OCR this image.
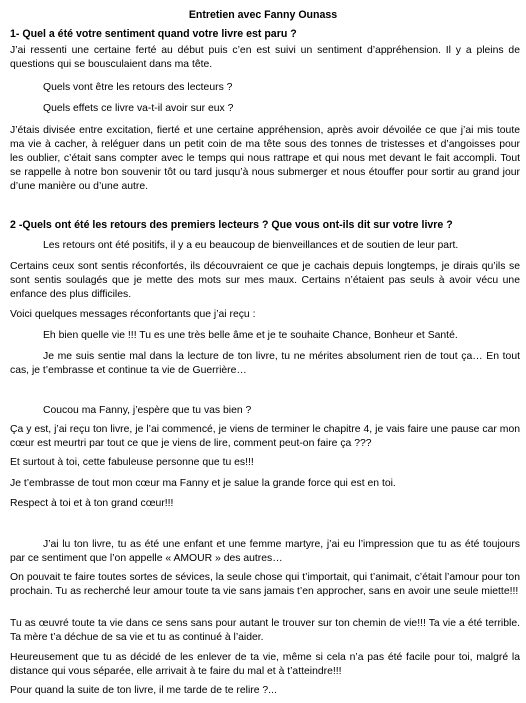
Entretien avec Fanny Ounass
1- Quel a été votre sentiment quand votre livre est paru ?
J’ai ressenti une certaine ferté au début puis c’en est suivi un sentiment d’appréhension. Il y a pleins de questions qui se bousculaient dans ma tête.
Quels vont être les retours des lecteurs ?
Quels effets ce livre va-t-il avoir sur eux ?
J’étais divisée entre excitation, fierté et une certaine appréhension, après avoir dévoilée ce que j’ai mis toute ma vie à cacher, à reléguer dans un petit coin de ma tête sous des tonnes de tristesses et d’angoisses pour les oublier, c’était sans compter avec le temps qui nous rattrape et qui nous met devant le fait accompli. Tout se rappelle à notre bon souvenir tôt ou tard jusqu’à nous submerger et nous étouffer pour sortir au grand jour d’une manière ou d’une autre.
2 -Quels ont été les retours des premiers lecteurs ? Que vous ont-ils dit sur votre livre ?
Les retours ont été positifs, il y a eu beaucoup de bienveillances et de soutien de leur part.
Certains ceux sont sentis réconfortés, ils découvraient ce que je cachais depuis longtemps, je dirais qu’ils se sont sentis soulagés que je mette des mots sur mes maux. Certains n’étaient pas seuls à avoir vécu une enfance des plus difficiles.
Voici quelques messages réconfortants que j’ai reçu :
Eh bien quelle vie !!! Tu es une très belle âme et je te souhaite Chance, Bonheur et Santé.
Je me suis sentie mal dans la lecture de ton livre, tu ne mérites absolument rien de tout ça… En tout cas, je t’embrasse et continue ta vie de Guerrière…
Coucou ma Fanny, j’espère que tu vas bien ?
Ça y est, j’ai reçu ton livre, je l’ai commencé, je viens de terminer le chapitre 4, je vais faire une pause car mon cœur est meurtri par tout ce que je viens de lire, comment peut-on faire ça ???
Et surtout à toi, cette fabuleuse personne que tu es!!!
Je t’embrasse de tout mon cœur ma Fanny et je salue la grande force qui est en toi.
Respect à toi et à ton grand cœur!!!
J’ai lu ton livre, tu as été une enfant et une femme martyre, j’ai eu l’impression que tu as été toujours par ce sentiment que l’on appelle « AMOUR » des autres…
On pouvait te faire toutes sortes de sévices, la seule chose qui t’importait, qui t’animait, c’était l’amour pour ton prochain. Tu as recherché leur amour toute ta vie sans jamais t’en approcher, sans en avoir une seule miette!!!
Tu as œuvré toute ta vie dans ce sens sans pour autant le trouver sur ton chemin de vie!!! Ta vie a été terrible. Ta mère t’a déchue de sa vie et tu as continué à l’aider.
Heureusement que tu as décidé de les enlever de ta vie, même si cela n’a pas été facile pour toi, malgré la distance qui vous séparée, elle arrivait à te faire du mal et à t’atteindre!!!
Pour quand la suite de ton livre, il me tarde de te relire ?...
